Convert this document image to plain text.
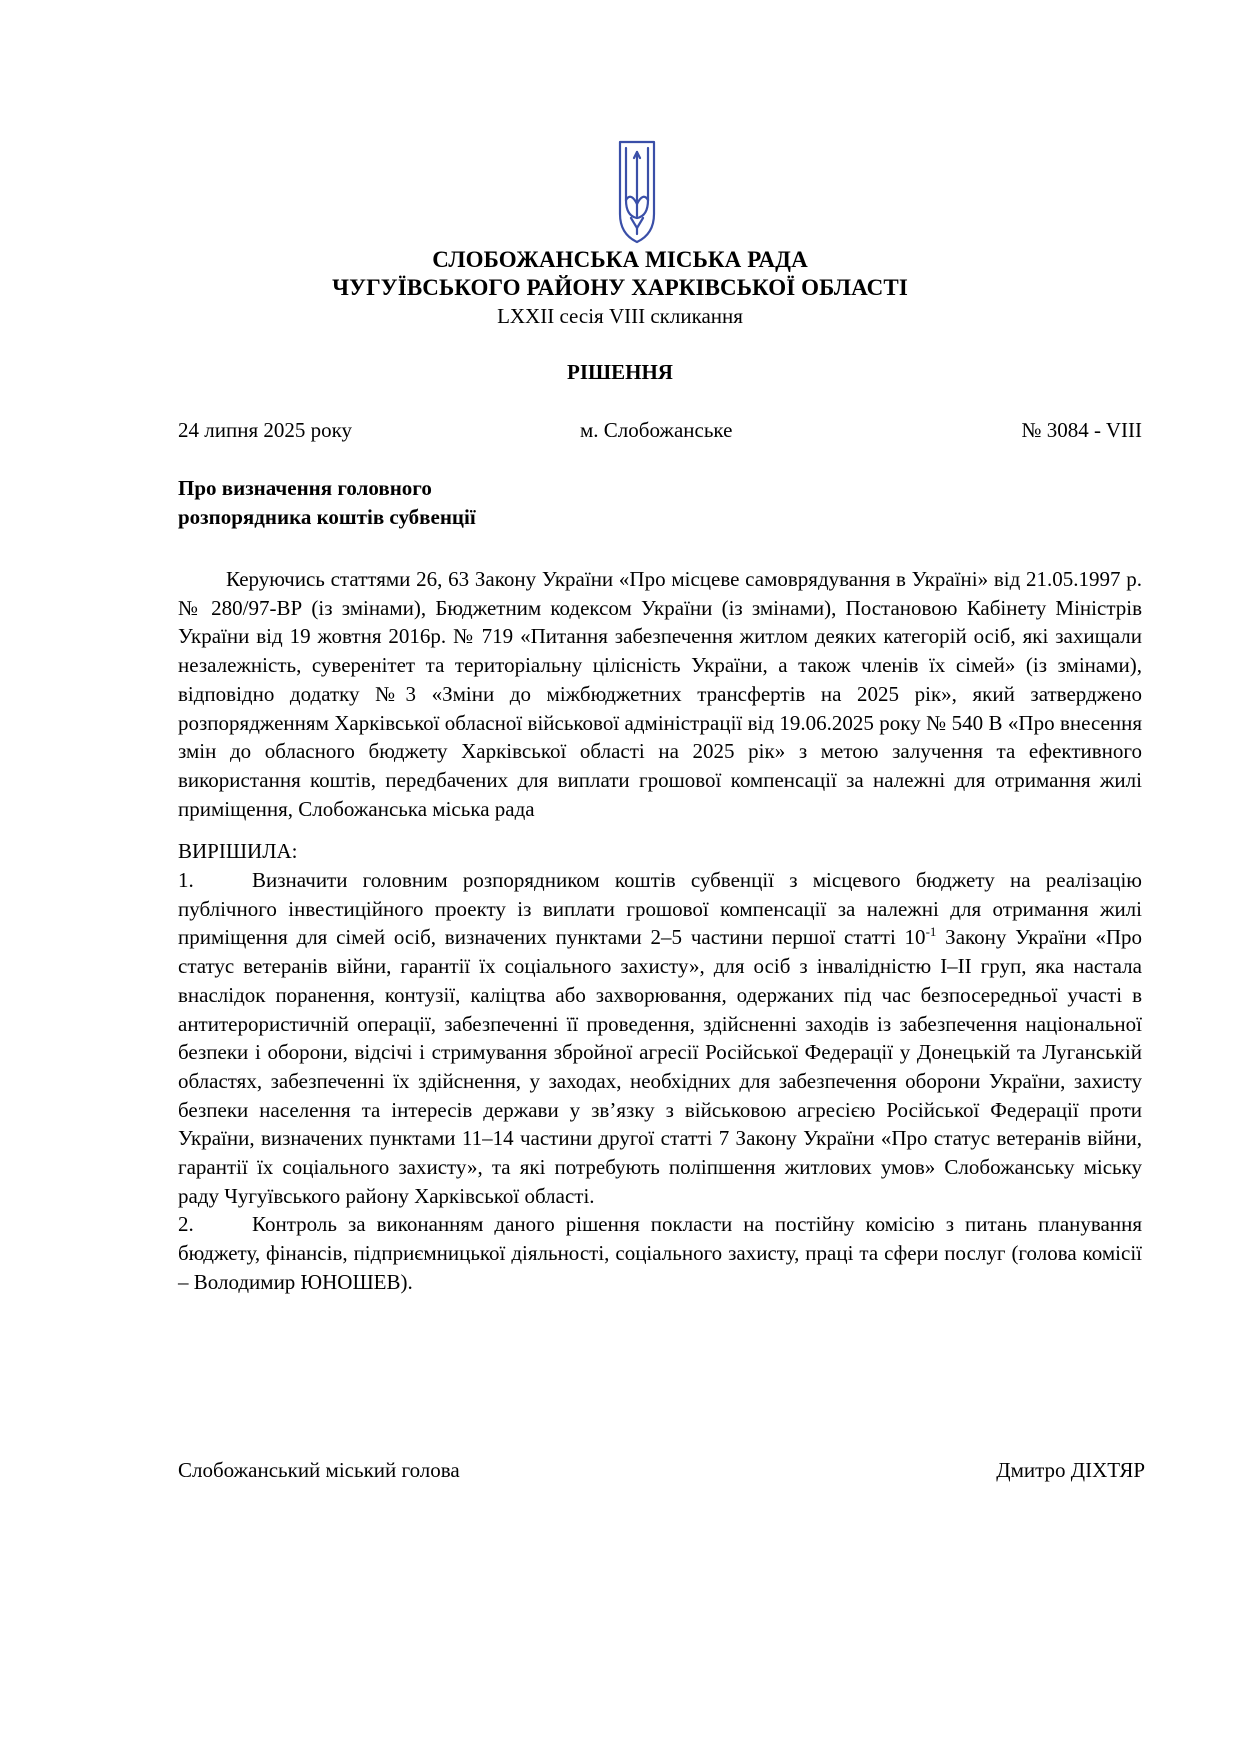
СЛОБОЖАНСЬКА МІСЬКА РАДА
ЧУГУЇВСЬКОГО РАЙОНУ ХАРКІВСЬКОЇ ОБЛАСТІ
LXXII сесія VIII скликання
РІШЕННЯ
24 липня 2025 року	м. Слобожанське	№ 3084 - VIII
Про визначення головного
розпорядника коштів субвенції

Керуючись статтями 26, 63 Закону України «Про місцеве самоврядування в Україні» від 21.05.1997 р. № 280/97-ВР (із змінами), Бюджетним кодексом України (із змінами), Постановою Кабінету Міністрів України від 19 жовтня 2016р. № 719 «Питання забезпечення житлом деяких категорій осіб, які захищали незалежність, суверенітет та територіальну цілісність України, а також членів їх сімей» (із змінами), відповідно додатку №3 «Зміни до міжбюджетних трансфертів на 2025 рік», який затверджено розпорядженням Харківської обласної військової адміністрації від 19.06.2025 року № 540 В «Про внесення змін до обласного бюджету Харківської області на 2025 рік» з метою залучення та ефективного використання коштів, передбачених для виплати грошової компенсації за належні для отримання жилі приміщення, Слобожанська міська рада

ВИРІШИЛА:

1.	Визначити головним розпорядником коштів субвенції з місцевого бюджету на реалізацію публічного інвестиційного проекту із виплати грошової компенсації за належні для отримання жилі приміщення для сімей осіб, визначених пунктами 2–5 частини першої статті $10^{-1}$ Закону України «Про статус ветеранів війни, гарантії їх соціального захисту», для осіб з інвалідністю I–II груп, яка настала внаслідок поранення, контузії, каліцтва або захворювання, одержаних під час безпосередньої участі в антитерористичній операції, забезпеченні її проведення, здійсненні заходів із забезпечення національної безпеки і оборони, відсічі і стримування збройної агресії Російської Федерації у Донецькій та Луганській областях, забезпеченні їх здійснення, у заходах, необхідних для забезпечення оборони України, захисту безпеки населення та інтересів держави у зв’язку з військовою агресією Російської Федерації проти України, визначених пунктами 11–14 частини другої статті 7 Закону України «Про статус ветеранів війни, гарантії їх соціального захисту», та які потребують поліпшення житлових умов» Слобожанську міську раду Чугуївського району Харківської області.

2.	Контроль за виконанням даного рішення покласти на постійну комісію з питань планування бюджету, фінансів, підприємницької діяльності, соціального захисту, праці та сфери послуг (голова комісії – Володимир ЮНОШЕВ).

Слобожанський міський голова	Дмитро ДІХТЯР
